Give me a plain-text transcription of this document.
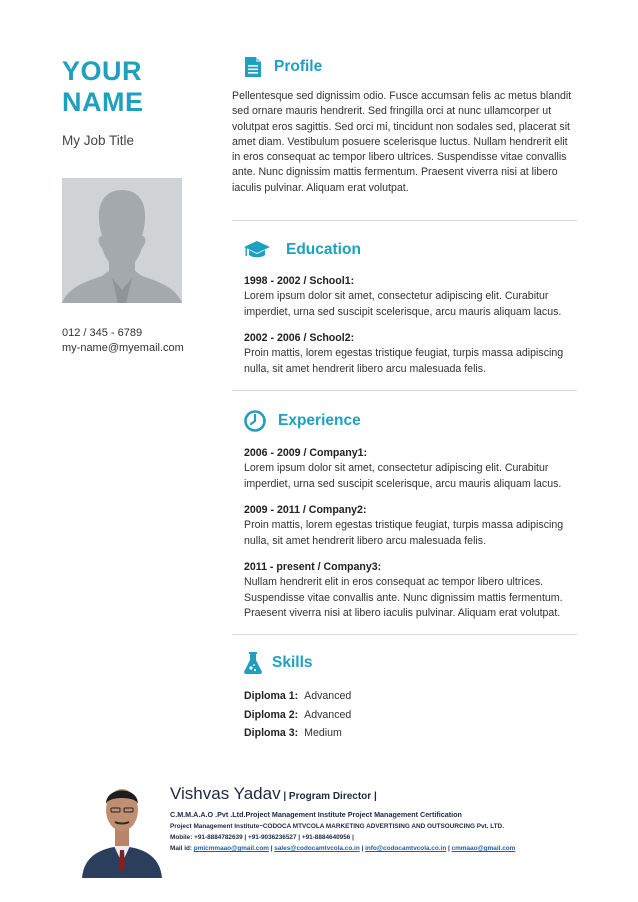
YOUR
NAME
My Job Title
012 / 345 - 6789
my-name@myemail.com
Profile
Pellentesque sed dignissim odio. Fusce accumsan felis ac metus blandit sed ornare mauris hendrerit. Sed fringilla orci at nunc ullamcorper ut volutpat eros sagittis. Sed orci mi, tincidunt non sodales sed, placerat sit amet diam. Vestibulum posuere scelerisque luctus. Nullam hendrerit elit in eros consequat ac tempor libero ultrices. Suspendisse vitae convallis ante. Nunc dignissim mattis fermentum. Praesent viverra nisi at libero iaculis pulvinar. Aliquam erat volutpat.
Education
1998 - 2002 / School1:
Lorem ipsum dolor sit amet, consectetur adipiscing elit. Curabitur imperdiet, urna sed suscipit scelerisque, arcu mauris aliquam lacus.
2002 - 2006 / School2:
Proin mattis, lorem egestas tristique feugiat, turpis massa adipiscing nulla, sit amet hendrerit libero arcu malesuada felis.
Experience
2006 - 2009 / Company1:
Lorem ipsum dolor sit amet, consectetur adipiscing elit. Curabitur imperdiet, urna sed suscipit scelerisque, arcu mauris aliquam lacus.
2009 - 2011 / Company2:
Proin mattis, lorem egestas tristique feugiat, turpis massa adipiscing nulla, sit amet hendrerit libero arcu malesuada felis.
2011 - present / Company3:
Nullam hendrerit elit in eros consequat ac tempor libero ultrices. Suspendisse vitae convallis ante. Nunc dignissim mattis fermentum. Praesent viverra nisi at libero iaculis pulvinar. Aliquam erat volutpat.
Skills
Diploma 1: Advanced
Diploma 2: Advanced
Diploma 3: Medium
Vishvas Yadav | Program Director |
C.M.M.A.A.O .Pvt .Ltd.Project Management Institute Project Management Certification
Project Management Institute~CODOCA MTVCOLA MARKETING ADVERTISING AND OUTSOURCING Pvt. LTD.
Mobile: +91-8884782639 | +91-9036236527 | +91-8884640956 |
Mail id: pmicmmaao@gmail.com | sales@codocamtvcola.co.in | info@codocamtvcola.co.in | cmmaao@gmail.com
